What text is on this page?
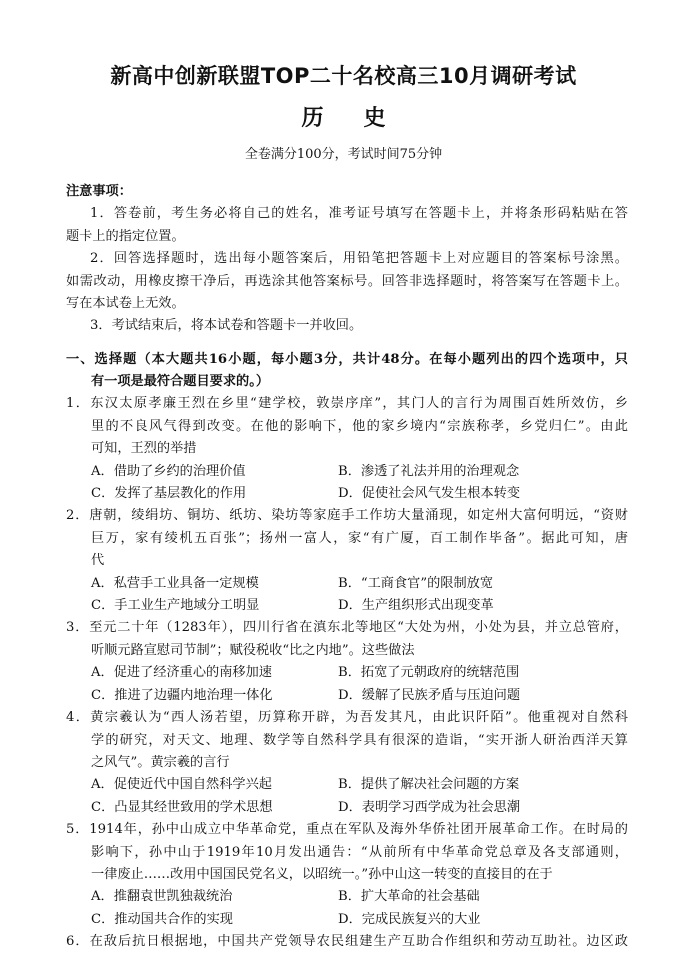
新高中创新联盟TOP二十名校高三10月调研考试
历史
全卷满分100分，考试时间75分钟
注意事项：
1．答卷前，考生务必将自己的姓名，准考证号填写在答题卡上，并将条形码粘贴在答
题卡上的指定位置。
2．回答选择题时，选出每小题答案后，用铅笔把答题卡上对应题目的答案标号涂黑。
如需改动，用橡皮擦干净后，再选涂其他答案标号。回答非选择题时，将答案写在答题卡上。
写在本试卷上无效。
3．考试结束后，将本试卷和答题卡一并收回。
一、选择题（本大题共16小题，每小题3分，共计48分。在每小题列出的四个选项中，只
有一项是最符合题目要求的。）
1．东汉太原孝廉王烈在乡里“建学校，敦崇序庠”，其门人的言行为周围百姓所效仿，乡
里的不良风气得到改变。在他的影响下，他的家乡境内“宗族称孝，乡党归仁”。由此
可知，王烈的举措
A．借助了乡约的治理价值	B．渗透了礼法并用的治理观念
C．发挥了基层教化的作用	D．促使社会风气发生根本转变
2．唐朝，绫绢坊、铜坊、纸坊、染坊等家庭手工作坊大量涌现，如定州大富何明远，“资财
巨万，家有绫机五百张”；扬州一富人，家“有广厦，百工制作毕备”。据此可知，唐
代
A．私营手工业具备一定规模	B．“工商食官”的限制放宽
C．手工业生产地域分工明显	D．生产组织形式出现变革
3．至元二十年（1283年），四川行省在滇东北等地区“大处为州，小处为县，并立总管府，
听顺元路宣慰司节制”；赋役税收“比之内地”。这些做法
A．促进了经济重心的南移加速	B．拓宽了元朝政府的统辖范围
C．推进了边疆内地治理一体化	D．缓解了民族矛盾与压迫问题
4．黄宗羲认为“西人汤若望，历算称开辟，为吾发其凡，由此识阡陌”。他重视对自然科
学的研究，对天文、地理、数学等自然科学具有很深的造诣，“实开浙人研治西洋天算
之风气”。黄宗羲的言行
A．促使近代中国自然科学兴起	B．提供了解决社会问题的方案
C．凸显其经世致用的学术思想	D．表明学习西学成为社会思潮
5．1914年，孙中山成立中华革命党，重点在军队及海外华侨社团开展革命工作。在时局的
影响下，孙中山于1919年10月发出通告：“从前所有中华革命党总章及各支部通则，
一律废止……改用中国国民党名义，以昭统一。”孙中山这一转变的直接目的在于
A．推翻袁世凯独裁统治	B．扩大革命的社会基础
C．推动国共合作的实现	D．完成民族复兴的大业
6．在敌后抗日根据地，中国共产党领导农民组建生产互助合作组织和劳动互助社。边区政
